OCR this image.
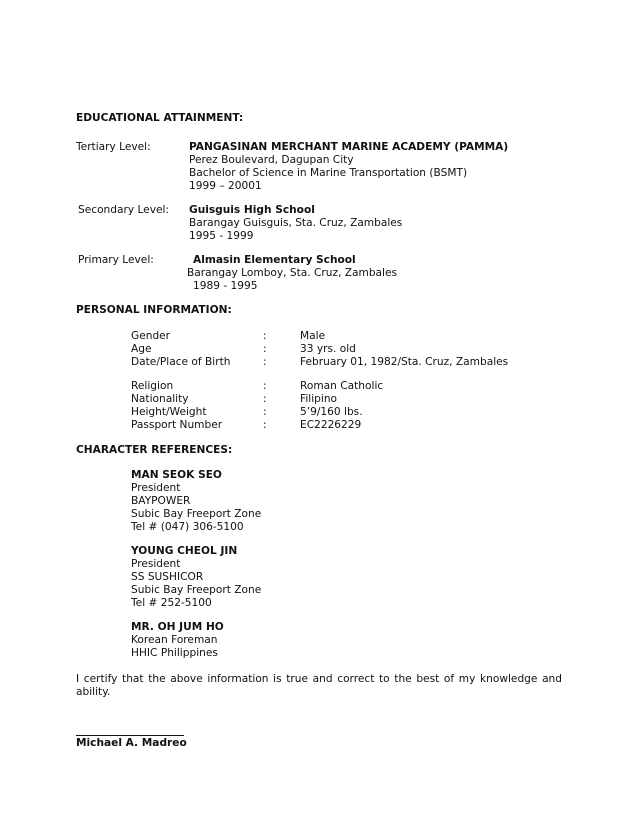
EDUCATIONAL ATTAINMENT:
Tertiary Level:	PANGASINAN MERCHANT MARINE ACADEMY (PAMMA)
Perez Boulevard, Dagupan City
Bachelor of Science in Marine Transportation (BSMT)
1999 – 20001
Secondary Level: Guisguis High School
Barangay Guisguis, Sta. Cruz, Zambales
1995 - 1999
Primary Level:	Almasin Elementary School
Barangay Lomboy, Sta. Cruz, Zambales
1989 - 1995
PERSONAL INFORMATION:
Gender	:	Male
Age	:	33 yrs. old
Date/Place of Birth	:	February 01, 1982/Sta. Cruz, Zambales
Religion	:	Roman Catholic
Nationality	:	Filipino
Height/Weight	:	5’9/160 lbs.
Passport Number	:	EC2226229
CHARACTER REFERENCES:
MAN SEOK SEO
President
BAYPOWER
Subic Bay Freeport Zone
Tel # (047) 306-5100
YOUNG CHEOL JIN
President
SS SUSHICOR
Subic Bay Freeport Zone
Tel # 252-5100
MR. OH JUM HO
Korean Foreman
HHIC Philippines
I certify that the above information is true and correct to the best of my knowledge and
ability.
Michael A. Madreo
